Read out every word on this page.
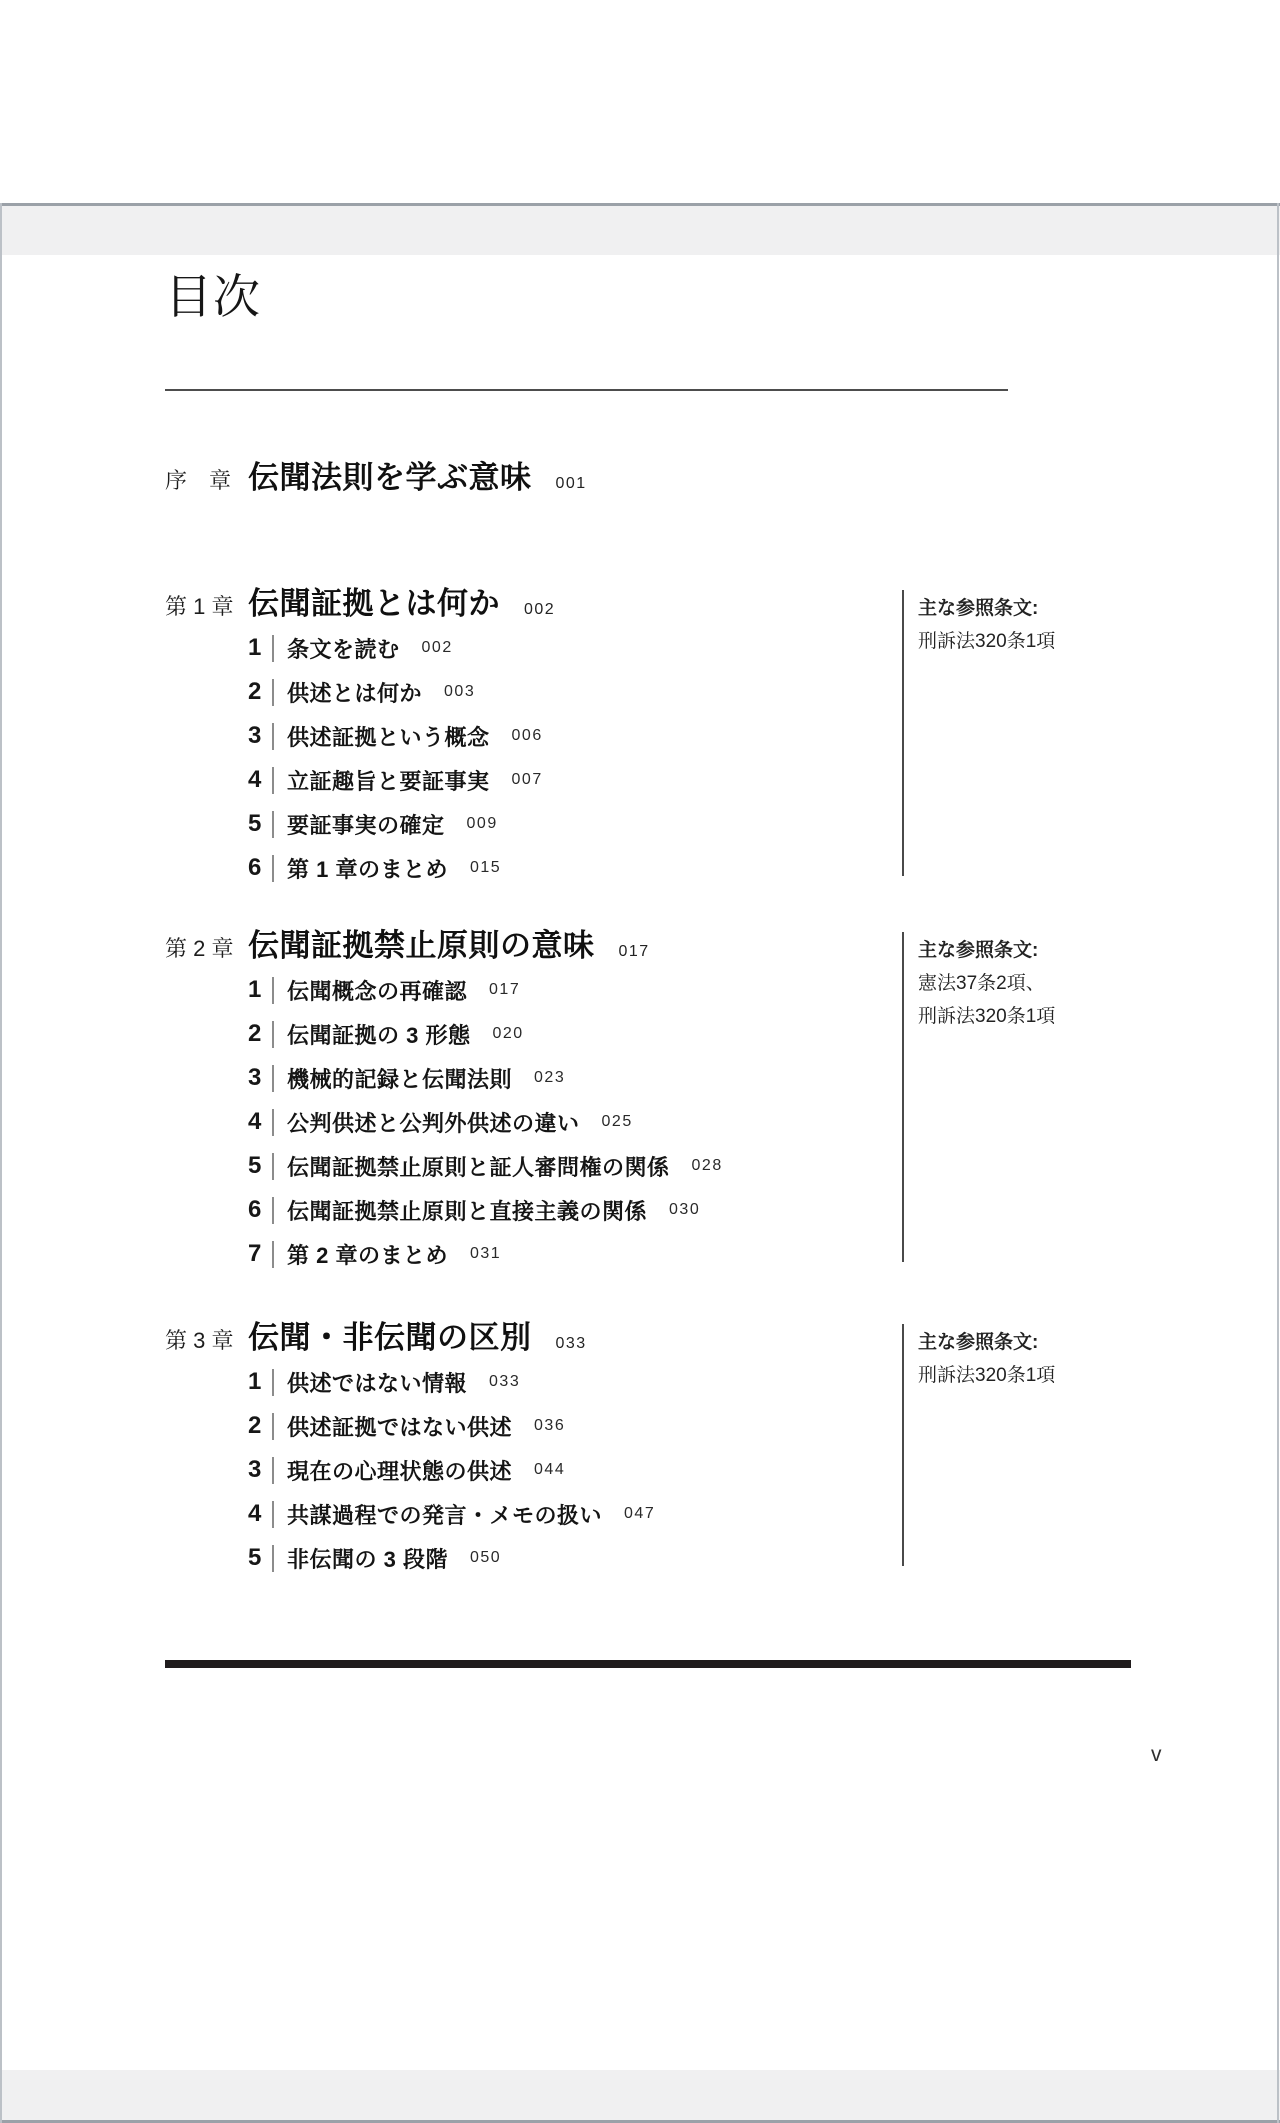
目次
序　章 伝聞法則を学ぶ意味 001
第 1 章 伝聞証拠とは何か 002
1	条文を読む 002
2	供述とは何か 003
3	供述証拠という概念 006
4	立証趣旨と要証事実 007
5	要証事実の確定 009
6	第 1 章のまとめ 015
主な参照条文:
刑訴法320条1項
第 2 章 伝聞証拠禁止原則の意味 017
1	伝聞概念の再確認 017
2	伝聞証拠の 3 形態 020
3	機械的記録と伝聞法則 023
4	公判供述と公判外供述の違い 025
5	伝聞証拠禁止原則と証人審問権の関係 028
6	伝聞証拠禁止原則と直接主義の関係 030
7	第 2 章のまとめ 031
主な参照条文:
憲法37条2項、
刑訴法320条1項
第 3 章 伝聞・非伝聞の区別 033
1	供述ではない情報 033
2	供述証拠ではない供述 036
3	現在の心理状態の供述 044
4	共謀過程での発言・メモの扱い 047
5	非伝聞の 3 段階 050
主な参照条文:
刑訴法320条1項
v
